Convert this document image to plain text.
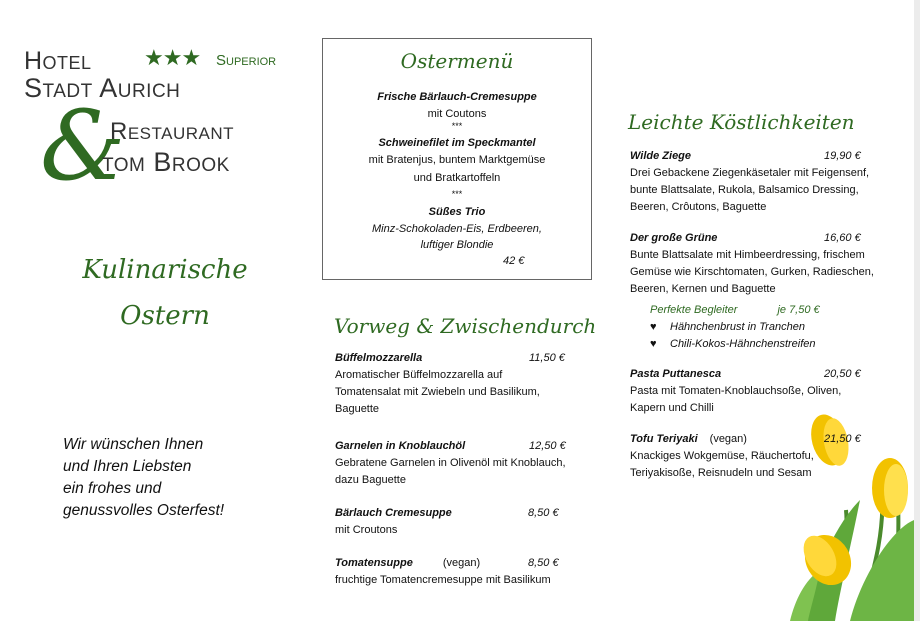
Hotel ★★★ Superior
Stadt Aurich
&
Restaurant
tom Brook
Kulinarische
Ostern
Wir wünschen Ihnen
und Ihren Liebsten
ein frohes und
genussvolles Osterfest!
Ostermenü
Frische Bärlauch-Cremesuppe
mit Coutons
***
Schweinefilet im Speckmantel
mit Bratenjus, buntem Marktgemüse
und Bratkartoffeln
***
Süßes Trio
Minz-Schokoladen-Eis, Erdbeeren,
luftiger Blondie
42 €
Vorweg & Zwischendurch
Büffelmozzarella	11,50 €
Aromatischer Büffelmozzarella auf
Tomatensalat mit Zwiebeln und Basilikum,
Baguette
Garnelen in Knoblauchöl	12,50 €
Gebratene Garnelen in Olivenöl mit Knoblauch,
dazu Baguette
Bärlauch Cremesuppe	8,50 €
mit Croutons
Tomatensuppe	(vegan)	8,50 €
fruchtige Tomatencremesuppe mit Basilikum
Leichte Köstlichkeiten
Wilde Ziege	19,90 €
Drei Gebackene Ziegenkäsetaler mit Feigensenf,
bunte Blattsalate, Rukola, Balsamico Dressing,
Beeren, Crôutons, Baguette
Der große Grüne	16,60 €
Bunte Blattsalate mit Himbeerdressing, frischem
Gemüse wie Kirschtomaten, Gurken, Radieschen,
Beeren, Kernen und Baguette
Perfekte Begleiter	je 7,50 €
♥ Hähnchenbrust in Tranchen
♥ Chili-Kokos-Hähnchenstreifen
Pasta Puttanesca	20,50 €
Pasta mit Tomaten-Knoblauchsoße, Oliven,
Kapern und Chilli
Tofu Teriyaki (vegan)	21,50 €
Knackiges Wokgemüse, Räuchertofu,
Teriyakisoße, Reisnudeln und Sesam
